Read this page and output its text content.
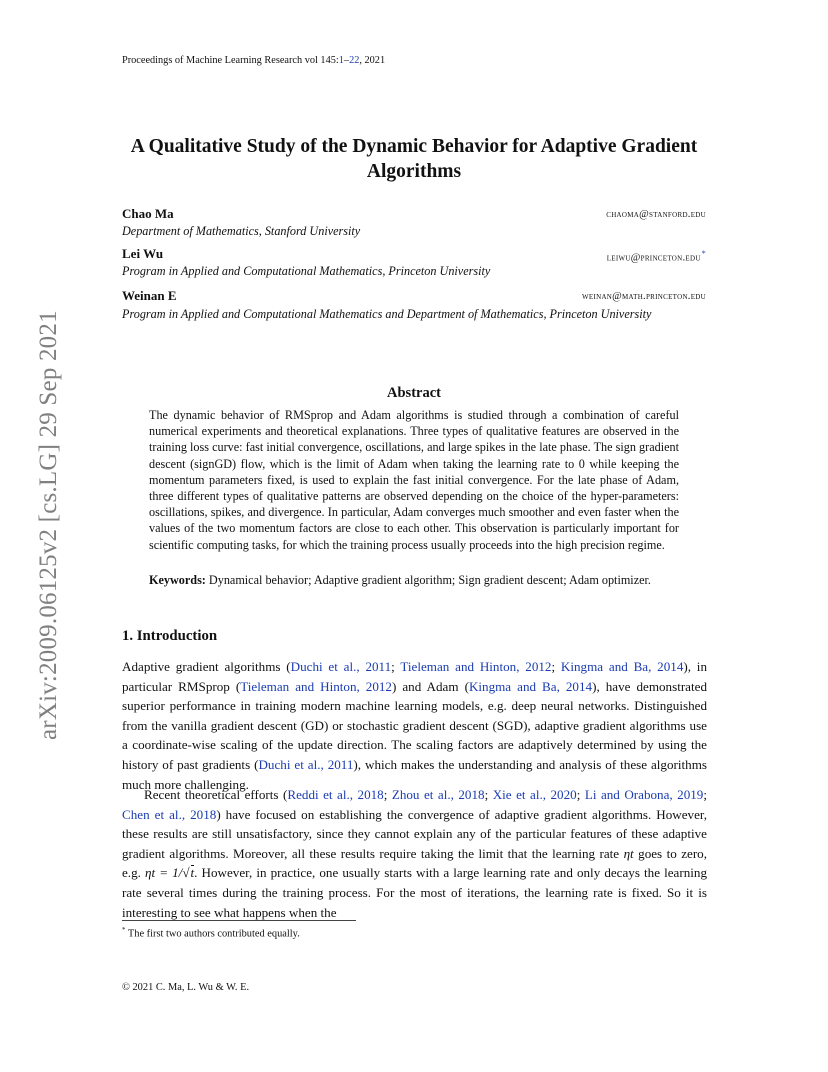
Proceedings of Machine Learning Research vol 145:1–22, 2021
arXiv:2009.06125v2 [cs.LG] 29 Sep 2021
A Qualitative Study of the Dynamic Behavior for Adaptive Gradient
Algorithms
Chao Ma	chaoma@stanford.edu
Department of Mathematics, Stanford University
Lei Wu	leiwu@princeton.edu*
Program in Applied and Computational Mathematics, Princeton University
Weinan E	weinan@math.princeton.edu
Program in Applied and Computational Mathematics and Department of Mathematics, Princeton University
Abstract
The dynamic behavior of RMSprop and Adam algorithms is studied through a combination of careful numerical experiments and theoretical explanations. Three types of qualitative features are observed in the training loss curve: fast initial convergence, oscillations, and large spikes in the late phase. The sign gradient descent (signGD) flow, which is the limit of Adam when taking the learning rate to 0 while keeping the momentum parameters fixed, is used to explain the fast initial convergence. For the late phase of Adam, three different types of qualitative patterns are observed depending on the choice of the hyper-parameters: oscillations, spikes, and divergence. In particular, Adam converges much smoother and even faster when the values of the two momentum factors are close to each other. This observation is particularly important for scientific computing tasks, for which the training process usually proceeds into the high precision regime.
Keywords: Dynamical behavior; Adaptive gradient algorithm; Sign gradient descent; Adam optimizer.
1. Introduction
Adaptive gradient algorithms (Duchi et al., 2011; Tieleman and Hinton, 2012; Kingma and Ba, 2014), in particular RMSprop (Tieleman and Hinton, 2012) and Adam (Kingma and Ba, 2014), have demonstrated superior performance in training modern machine learning models, e.g. deep neural networks. Distinguished from the vanilla gradient descent (GD) or stochastic gradient descent (SGD), adaptive gradient algorithms use a coordinate-wise scaling of the update direction. The scaling factors are adaptively determined by using the history of past gradients (Duchi et al., 2011), which makes the understanding and analysis of these algorithms much more challenging.
Recent theoretical efforts (Reddi et al., 2018; Zhou et al., 2018; Xie et al., 2020; Li and Orabona, 2019; Chen et al., 2018) have focused on establishing the convergence of adaptive gradient algorithms. However, these results are still unsatisfactory, since they cannot explain any of the particular features of these adaptive gradient algorithms. Moreover, all these results require taking the limit that the learning rate ηt goes to zero, e.g. ηt = 1/√t. However, in practice, one usually starts with a large learning rate and only decays the learning rate several times during the training process. For the most of iterations, the learning rate is fixed. So it is interesting to see what happens when the
* The first two authors contributed equally.
© 2021 C. Ma, L. Wu & W. E.
